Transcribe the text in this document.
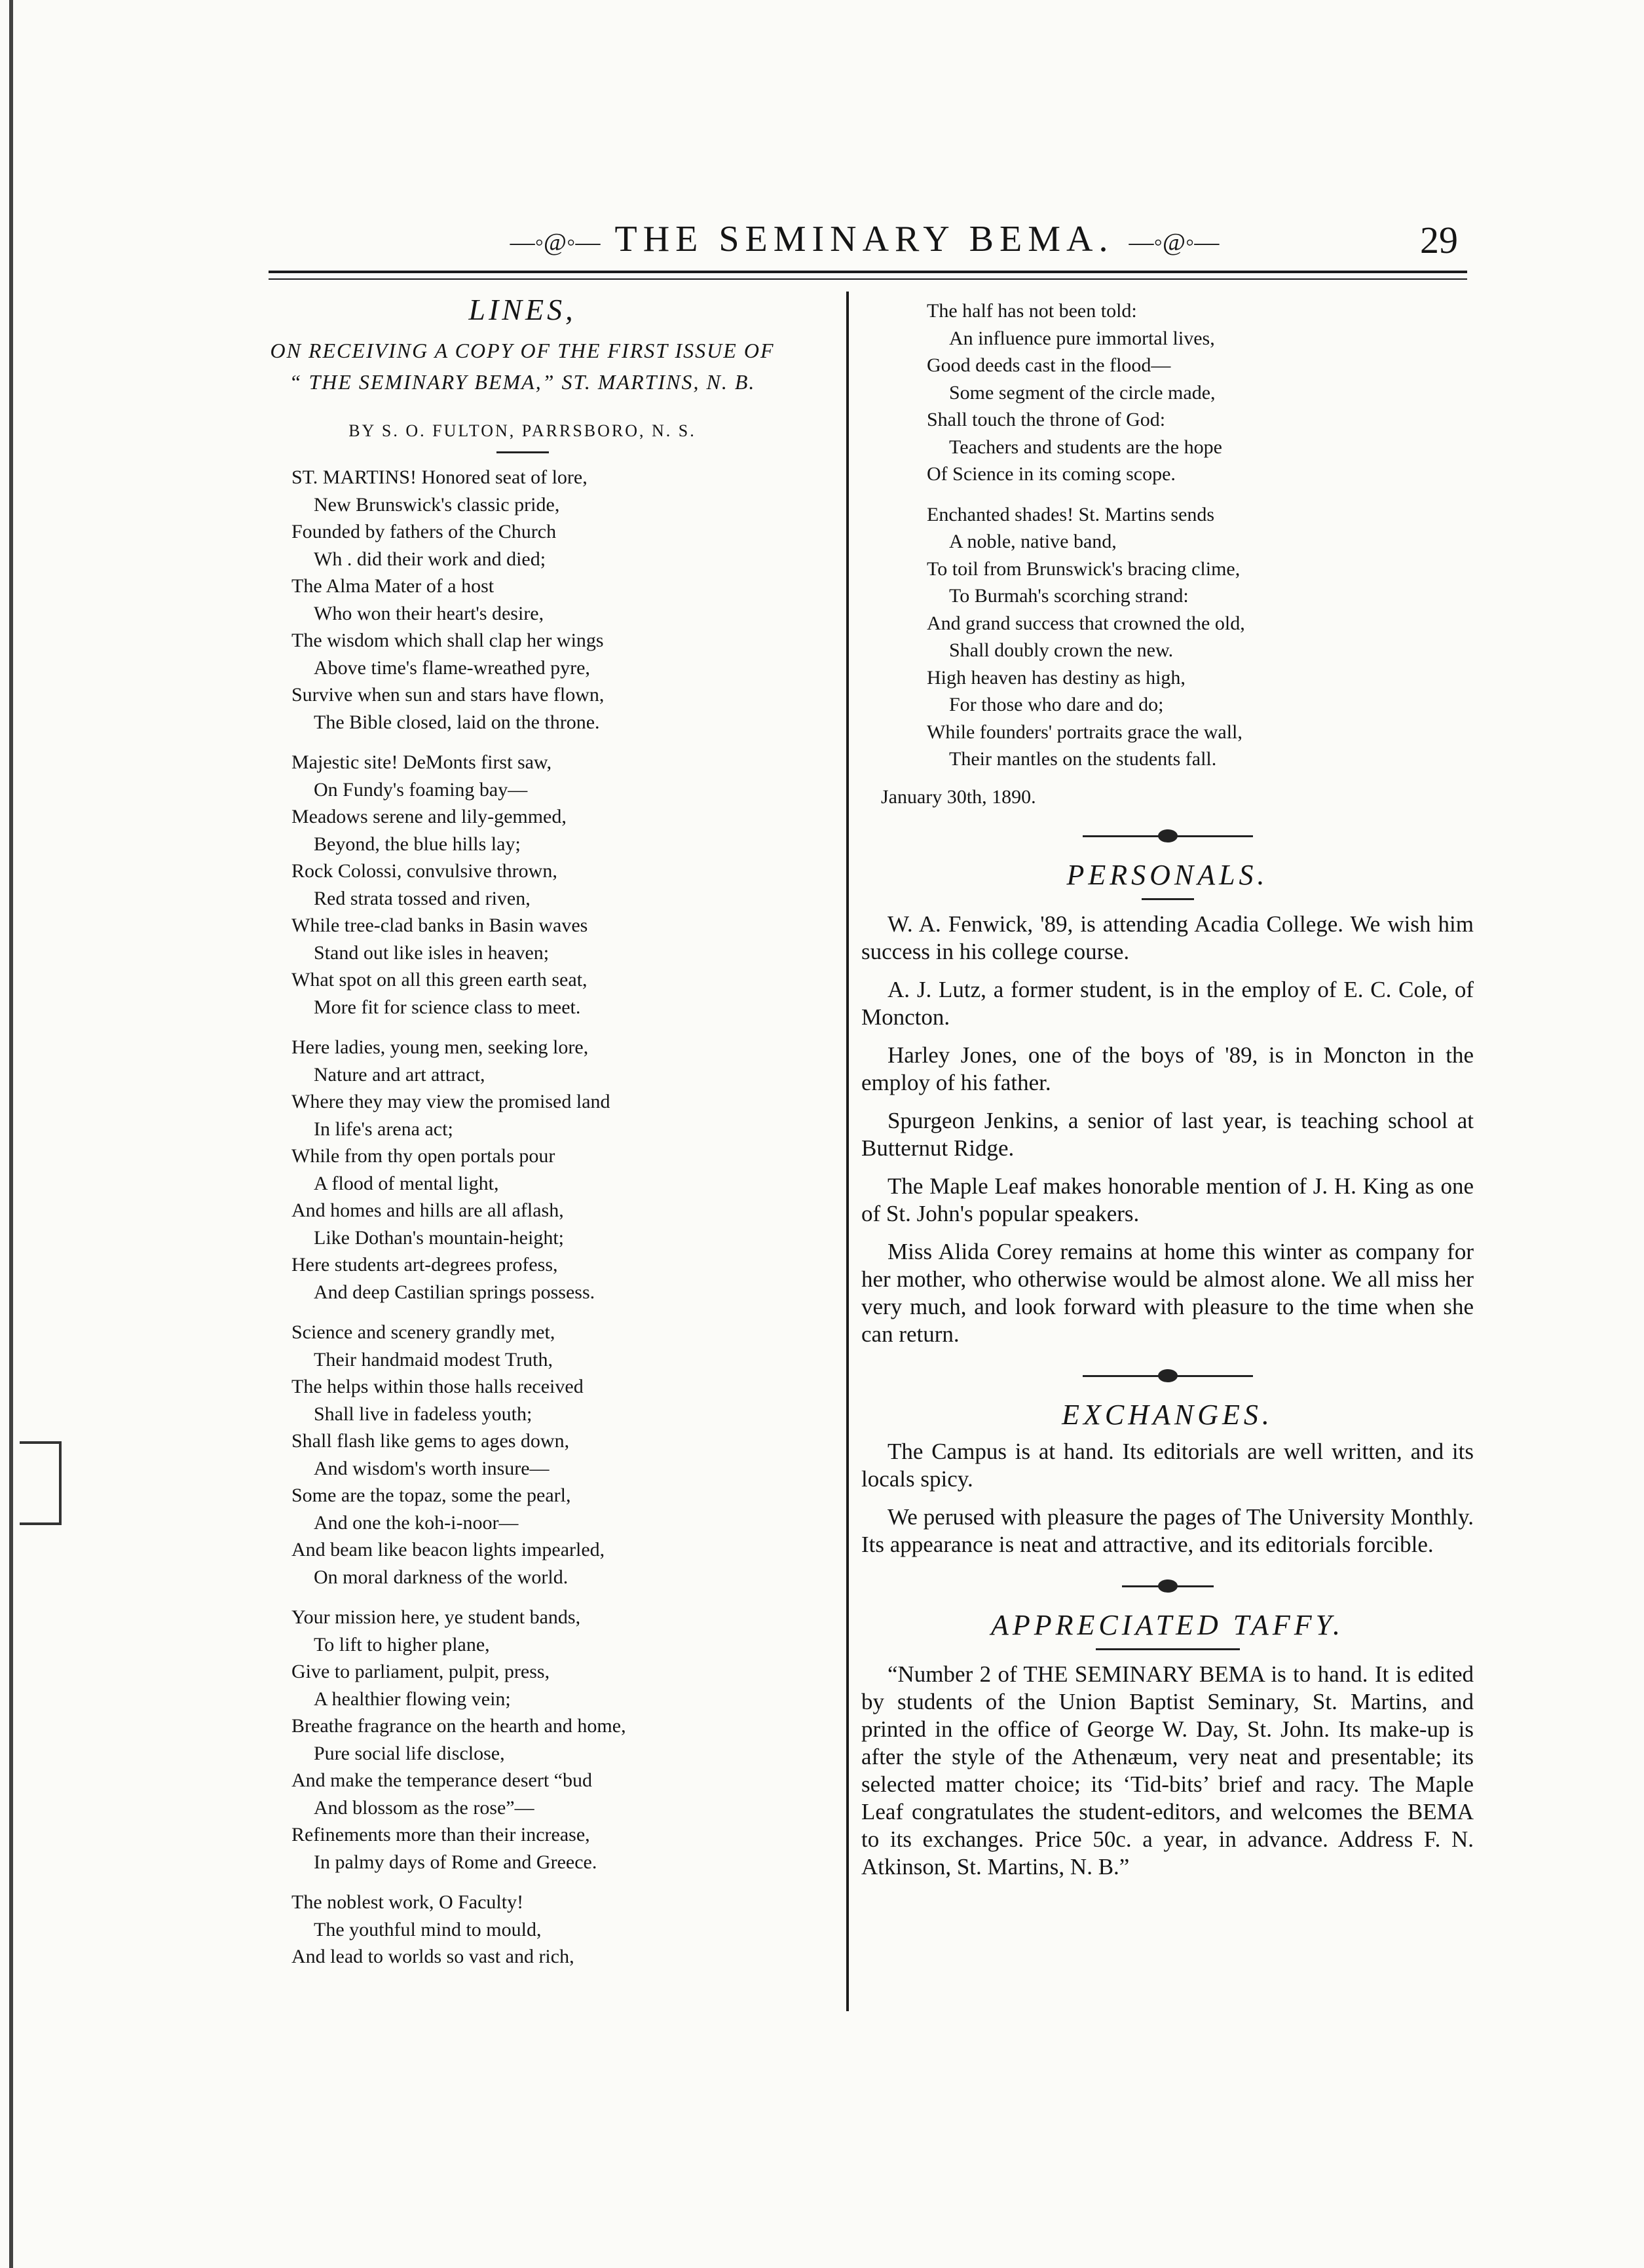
—◦@◦— THE SEMINARY BEMA. —◦@◦—	29
LINES,
ON RECEIVING A COPY OF THE FIRST ISSUE OF
“ THE SEMINARY BEMA,” ST. MARTINS, N. B.
BY S. O. FULTON, PARRSBORO, N. S.
ST. MARTINS! Honored seat of lore,
New Brunswick's classic pride,
Founded by fathers of the Church
Wh . did their work and died;
The Alma Mater of a host
Who won their heart's desire,
The wisdom which shall clap her wings
Above time's flame-wreathed pyre,
Survive when sun and stars have flown,
The Bible closed, laid on the throne.
Majestic site! DeMonts first saw,
On Fundy's foaming bay—
Meadows serene and lily-gemmed,
Beyond, the blue hills lay;
Rock Colossi, convulsive thrown,
Red strata tossed and riven,
While tree-clad banks in Basin waves
Stand out like isles in heaven;
What spot on all this green earth seat,
More fit for science class to meet.
Here ladies, young men, seeking lore,
Nature and art attract,
Where they may view the promised land
In life's arena act;
While from thy open portals pour
A flood of mental light,
And homes and hills are all aflash,
Like Dothan's mountain-height;
Here students art-degrees profess,
And deep Castilian springs possess.
Science and scenery grandly met,
Their handmaid modest Truth,
The helps within those halls received
Shall live in fadeless youth;
Shall flash like gems to ages down,
And wisdom's worth insure—
Some are the topaz, some the pearl,
And one the koh-i-noor—
And beam like beacon lights impearled,
On moral darkness of the world.
Your mission here, ye student bands,
To lift to higher plane,
Give to parliament, pulpit, press,
A healthier flowing vein;
Breathe fragrance on the hearth and home,
Pure social life disclose,
And make the temperance desert “bud
And blossom as the rose”—
Refinements more than their increase,
In palmy days of Rome and Greece.
The noblest work, O Faculty!
The youthful mind to mould,
And lead to worlds so vast and rich,
The half has not been told:
An influence pure immortal lives,
Good deeds cast in the flood—
Some segment of the circle made,
Shall touch the throne of God:
Teachers and students are the hope
Of Science in its coming scope.
Enchanted shades! St. Martins sends
A noble, native band,
To toil from Brunswick's bracing clime,
To Burmah's scorching strand:
And grand success that crowned the old,
Shall doubly crown the new.
High heaven has destiny as high,
For those who dare and do;
While founders' portraits grace the wall,
Their mantles on the students fall.
January 30th, 1890.
PERSONALS.
W. A. Fenwick, '89, is attending Acadia College. We wish him success in his college course.
A. J. Lutz, a former student, is in the employ of E. C. Cole, of Moncton.
Harley Jones, one of the boys of '89, is in Moncton in the employ of his father.
Spurgeon Jenkins, a senior of last year, is teaching school at Butternut Ridge.
The Maple Leaf makes honorable mention of J. H. King as one of St. John's popular speakers.
Miss Alida Corey remains at home this winter as company for her mother, who otherwise would be almost alone. We all miss her very much, and look forward with pleasure to the time when she can return.
EXCHANGES.
The Campus is at hand. Its editorials are well written, and its locals spicy.
We perused with pleasure the pages of The University Monthly. Its appearance is neat and attractive, and its editorials forcible.
APPRECIATED TAFFY.
“Number 2 of THE SEMINARY BEMA is to hand. It is edited by students of the Union Baptist Seminary, St. Martins, and printed in the office of George W. Day, St. John. Its make-up is after the style of the Athenæum, very neat and presentable; its selected matter choice; its ‘Tid-bits’ brief and racy. The Maple Leaf congratulates the student-editors, and welcomes the BEMA to its exchanges. Price 50c. a year, in advance. Address F. N. Atkinson, St. Martins, N. B.”
